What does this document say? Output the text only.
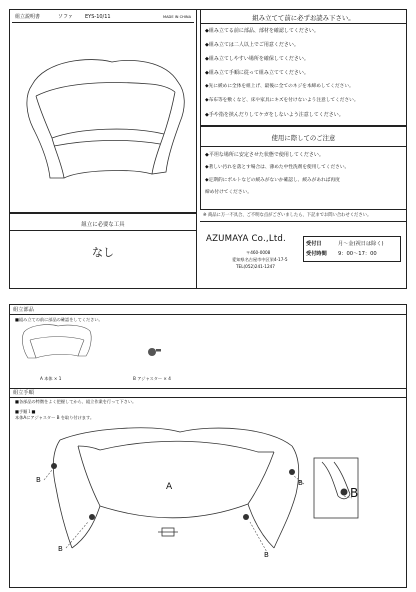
組立説明書	ソファ EYS-10/11	MADE IN CHINA
組立に必要な工具
なし
組み立てて前に必ずお読み下さい。
◆組み立てる前に部品、部材を確認してください。
◆組み立ては二人以上でご用意ください。
◆組み立てしやすい場所を確保してください。
◆組み立て手順に従って組み立ててください。
◆先に緩めに全体を組上げ、最後に全てのネジを本締めしてください。
◆布布等を敷くなど、床や家具にキズを付けないよう注意してください。
◆手や指を挟んだりしてケガをしないよう注意してください。
使用に際してのご注意
◆平坦な場所に安定させた状態で使用してください。
◆著しい汚れを落とす場合は、薄めた中性洗剤を使用してください。
◆定期的にボルトなどの緩みがないか確認し、緩みがあれば再度
締め付けてください。
※ 商品に万一不具合、ご不明な点がございましたら、下記までお問い合わせください。
AZUMAYA Co.,Ltd.
〒460-0008
愛知県名古屋市中区栄4-17-5
TEL(052)241-1247
受付日	月〜金(祝日は除く)
受付時間 9：00〜17：00
組立部品
■組み立ての前に部品の確認をしてください。
A 本体 × 1	B アジャスター × 4
組立手順
■各部品の特徴をよく把握してから、組立作業を行って下さい。
■手順１■
本体Aにアジャスター B を取り付けます。
A
B
B
B
B
B
